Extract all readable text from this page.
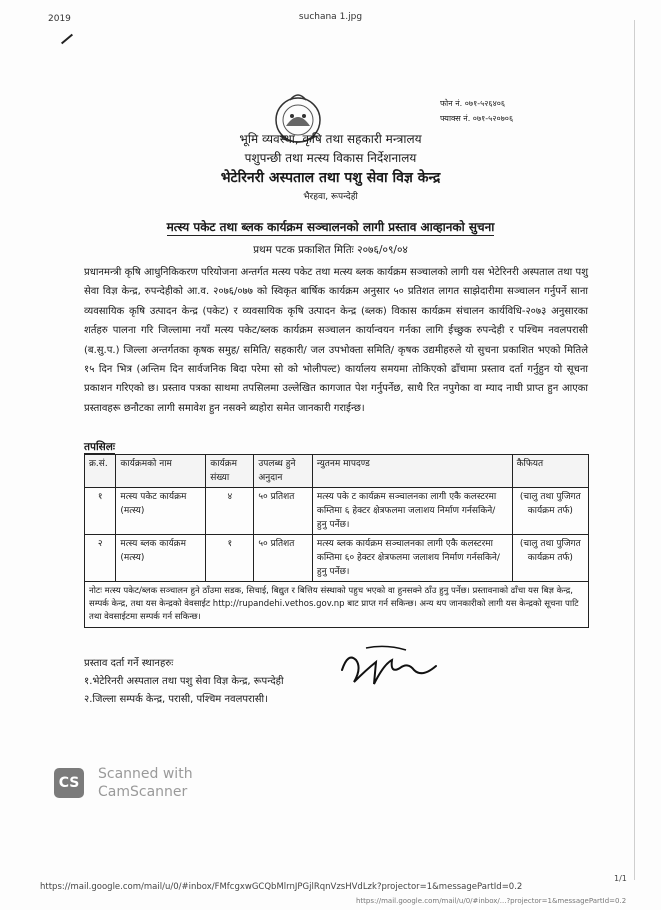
2019	suchana 1.jpg
फोन नं. ०७१-५२६४०६
फ्याक्स नं. ०७१-५२०७०६
भूमि व्यवस्था, कृषि तथा सहकारी मन्त्रालय
पशुपन्छी तथा मत्स्य विकास निर्देशनालय
भेटेरिनरी अस्पताल तथा पशु सेवा विज्ञ केन्द्र
भैरहवा, रूपन्देही
मत्स्य पकेट तथा ब्लक कार्यक्रम सञ्चालनको लागी प्रस्ताव आव्हानको सुचना
प्रथम पटक प्रकाशित मितिः २०७६/०९/०४
प्रधानमन्त्री कृषि आधुनिकिकरण परियोजना अन्तर्गत मत्स्य पकेट तथा मत्स्य ब्लक कार्यक्रम सञ्चालको लागी यस भेटेरिनरी अस्पताल तथा पशु सेवा विज्ञ केन्द्र, रुपन्देहीको आ.व. २०७६/०७७ को स्विकृत बार्षिक कार्यक्रम अनुसार ५० प्रतिशत लागत साझेदारीमा सञ्चालन गर्नुपर्ने साना व्यवसायिक कृषि उत्पादन केन्द्र (पकेट) र व्यवसायिक कृषि उत्पादन केन्द्र (ब्लक) विकास कार्यक्रम संचालन कार्यविधि-२०७३ अनुसारका शर्तहरु पालना गरि जिल्लामा नयाँ मत्स्य पकेट/ब्लक कार्यक्रम सञ्चालन कार्यान्वयन गर्नका लागि ईच्छुक रुपन्देही र पश्चिम नवलपरासी (ब.सु.प.) जिल्ला अन्तर्गतका कृषक समुह/ समिति/ सहकारी/ जल उपभोक्ता समिति/ कृषक उद्यमीहरुले यो सुचना प्रकाशित भएको मितिले १५ दिन भित्र (अन्तिम दिन सार्वजनिक बिदा परेमा सो को भोलीपल्ट) कार्यालय समयमा तोकिएको ढाँचामा प्रस्ताव दर्ता गर्नुहुन यो सूचना प्रकाशन गरिएको छ। प्रस्ताव पत्रका साथमा तपसिलमा उल्लेखित कागजात पेश गर्नुपर्नेछ, साथै रित नपुगेका वा म्याद नाघी प्राप्त हुन आएका प्रस्तावहरू छनौटका लागी समावेश हुन नसक्ने ब्यहोरा समेत जानकारी गराईन्छ।
तपसिलः
क्र.सं.	कार्यक्रमको नाम	कार्यक्रम संख्या	उपलब्ध हुने अनुदान	न्युतनम मापदण्ड	कैफियत
१	मत्स्य पकेट कार्यक्रम (मत्स्य)	४	५० प्रतिशत	मत्स्य पके ट कार्यक्रम सञ्चालनका लागी एकै कलस्टरमा कम्तिमा ६ हेक्टर क्षेत्रफलमा जलाशय निर्माण गर्नसकिने/ हुनु पर्नेछ।	(चालु तथा पुजिगत कार्यक्रम तर्फ)
२	मत्स्य ब्लक कार्यक्रम (मत्स्य)	१	५० प्रतिशत	मत्स्य ब्लक कार्यक्रम सञ्चालनका लागी एकै कलस्टरमा कम्तिमा ६० हेक्टर क्षेत्रफलमा जलाशय निर्माण गर्नसकिने/ हुनु पर्नेछ।	(चालु तथा पुजिगत कार्यक्रम तर्फ)
नोटः मत्स्य पकेट/ब्लक सञ्चालन हुने ठाँउमा सडक, सिचाई, बिद्युत र बित्तिय संस्थाको पहुच भएको वा हुनसक्ने ठाँउ हुनु पर्नेछ। प्रस्तावनाको ढाँचा यस बिज्ञ केन्द्र, सम्पर्क केन्द्र, तथा यस केन्द्रको वेवसाईट http://rupandehi.vethos.gov.np बाट प्राप्त गर्न सकिन्छ। अन्य थप जानकारीको लागी यस केन्द्रको सूचना पाटि तथा वेवसाईटमा सम्पर्क गर्न सकिन्छ।					
प्रस्ताव दर्ता गर्ने स्थानहरुः
१.भेटेरिनरी अस्पताल तथा पशु सेवा विज्ञ केन्द्र, रूपन्देही
२.जिल्ला सम्पर्क केन्द्र, परासी, पश्चिम नवलपरासी।
CS
Scanned with
CamScanner
1/1
https://mail.google.com/mail/u/0/#inbox/FMfcgxwGCQbMlrnJPGjlRqnVzsHVdLzk?projector=1&messagePartId=0.2
https://mail.google.com/mail/u/0/#inbox/...?projector=1&messagePartId=0.2
